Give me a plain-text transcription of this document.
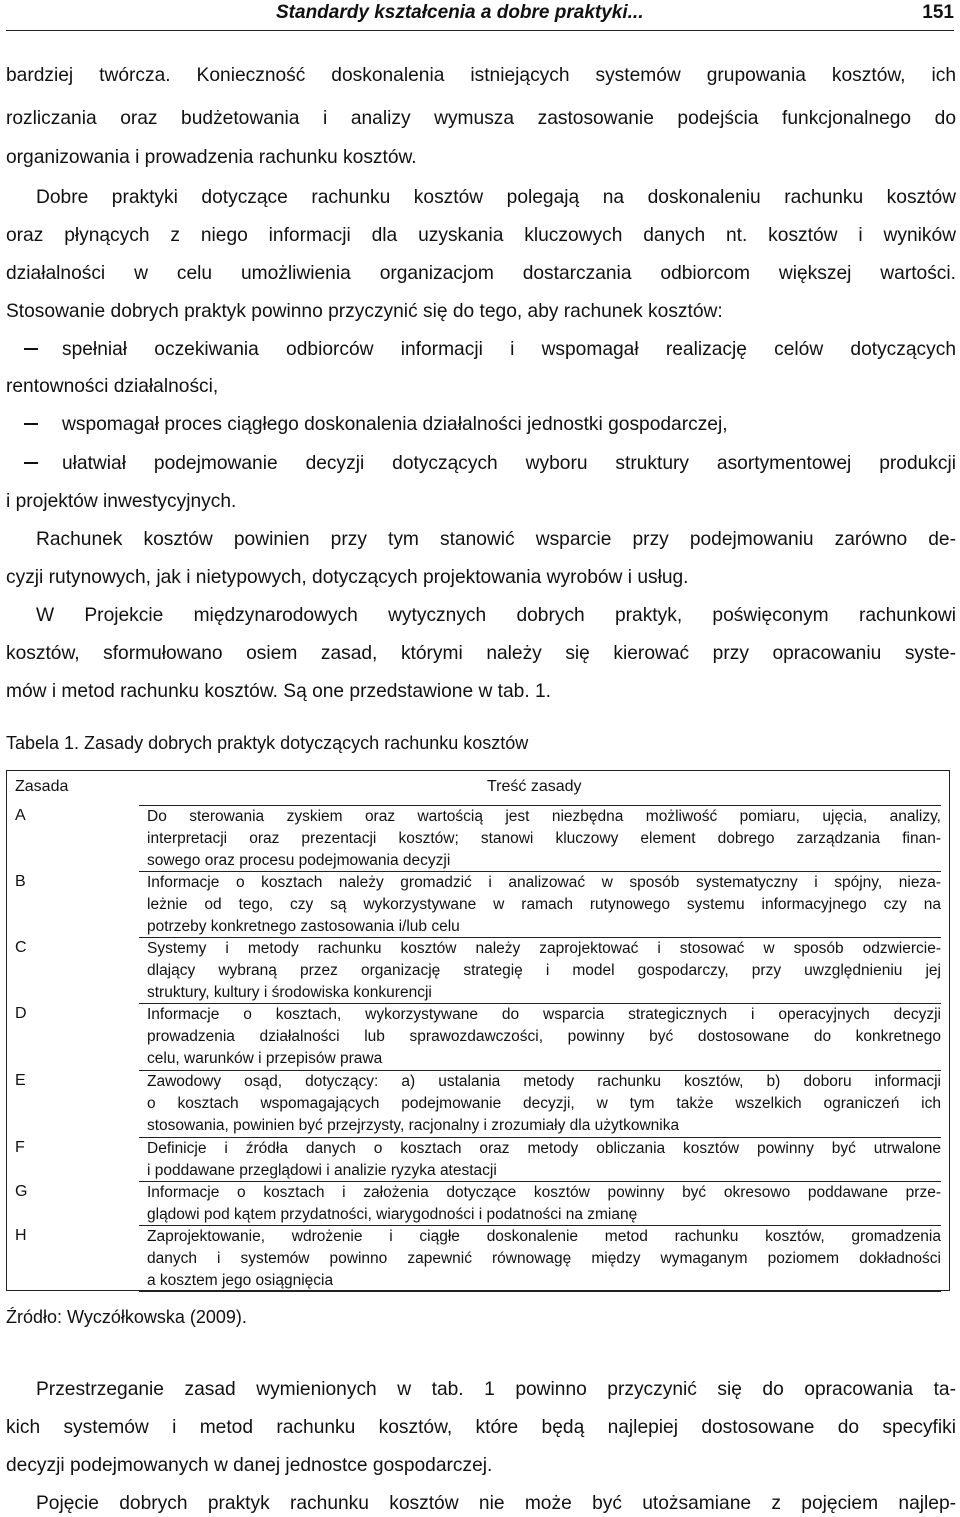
Standardy kształcenia a dobre praktyki...	151
bardziej twórcza. Konieczność doskonalenia istniejących systemów grupowania kosztów, ich
rozliczania oraz budżetowania i analizy wymusza zastosowanie podejścia funkcjonalnego do
organizowania i prowadzenia rachunku kosztów.
Dobre praktyki dotyczące rachunku kosztów polegają na doskonaleniu rachunku kosztów
oraz płynących z niego informacji dla uzyskania kluczowych danych nt. kosztów i wyników
działalności w celu umożliwienia organizacjom dostarczania odbiorcom większej wartości.
Stosowanie dobrych praktyk powinno przyczynić się do tego, aby rachunek kosztów:
spełniał oczekiwania odbiorców informacji i wspomagał realizację celów dotyczących
rentowności działalności,
wspomagał proces ciągłego doskonalenia działalności jednostki gospodarczej,
ułatwiał podejmowanie decyzji dotyczących wyboru struktury asortymentowej produkcji
i projektów inwestycyjnych.
Rachunek kosztów powinien przy tym stanowić wsparcie przy podejmowaniu zarówno de-
cyzji rutynowych, jak i nietypowych, dotyczących projektowania wyrobów i usług.
W Projekcie międzynarodowych wytycznych dobrych praktyk, poświęconym rachunkowi
kosztów, sformułowano osiem zasad, którymi należy się kierować przy opracowaniu syste-
mów i metod rachunku kosztów. Są one przedstawione w tab. 1.
Tabela 1. Zasady dobrych praktyk dotyczących rachunku kosztów
Zasada	Treść zasady
A	Do sterowania zyskiem oraz wartością jest niezbędna możliwość pomiaru, ujęcia, analizy,
interpretacji oraz prezentacji kosztów; stanowi kluczowy element dobrego zarządzania finan-
sowego oraz procesu podejmowania decyzji
B	Informacje o kosztach należy gromadzić i analizować w sposób systematyczny i spójny, nieza-
leżnie od tego, czy są wykorzystywane w ramach rutynowego systemu informacyjnego czy na
potrzeby konkretnego zastosowania i/lub celu
C	Systemy i metody rachunku kosztów należy zaprojektować i stosować w sposób odzwiercie-
dlający wybraną przez organizację strategię i model gospodarczy, przy uwzględnieniu jej
struktury, kultury i środowiska konkurencji
D	Informacje o kosztach, wykorzystywane do wsparcia strategicznych i operacyjnych decyzji
prowadzenia działalności lub sprawozdawczości, powinny być dostosowane do konkretnego
celu, warunków i przepisów prawa
E	Zawodowy osąd, dotyczący: a) ustalania metody rachunku kosztów, b) doboru informacji
o kosztach wspomagających podejmowanie decyzji, w tym także wszelkich ograniczeń ich
stosowania, powinien być przejrzysty, racjonalny i zrozumiały dla użytkownika
F	Definicje i źródła danych o kosztach oraz metody obliczania kosztów powinny być utrwalone
i poddawane przeglądowi i analizie ryzyka atestacji
G	Informacje o kosztach i założenia dotyczące kosztów powinny być okresowo poddawane prze-
glądowi pod kątem przydatności, wiarygodności i podatności na zmianę
H	Zaprojektowanie, wdrożenie i ciągłe doskonalenie metod rachunku kosztów, gromadzenia
danych i systemów powinno zapewnić równowagę między wymaganym poziomem dokładności
a kosztem jego osiągnięcia
Źródło: Wyczółkowska (2009).
Przestrzeganie zasad wymienionych w tab. 1 powinno przyczynić się do opracowania ta-
kich systemów i metod rachunku kosztów, które będą najlepiej dostosowane do specyfiki
decyzji podejmowanych w danej jednostce gospodarczej.
Pojęcie dobrych praktyk rachunku kosztów nie może być utożsamiane z pojęciem najlep-
